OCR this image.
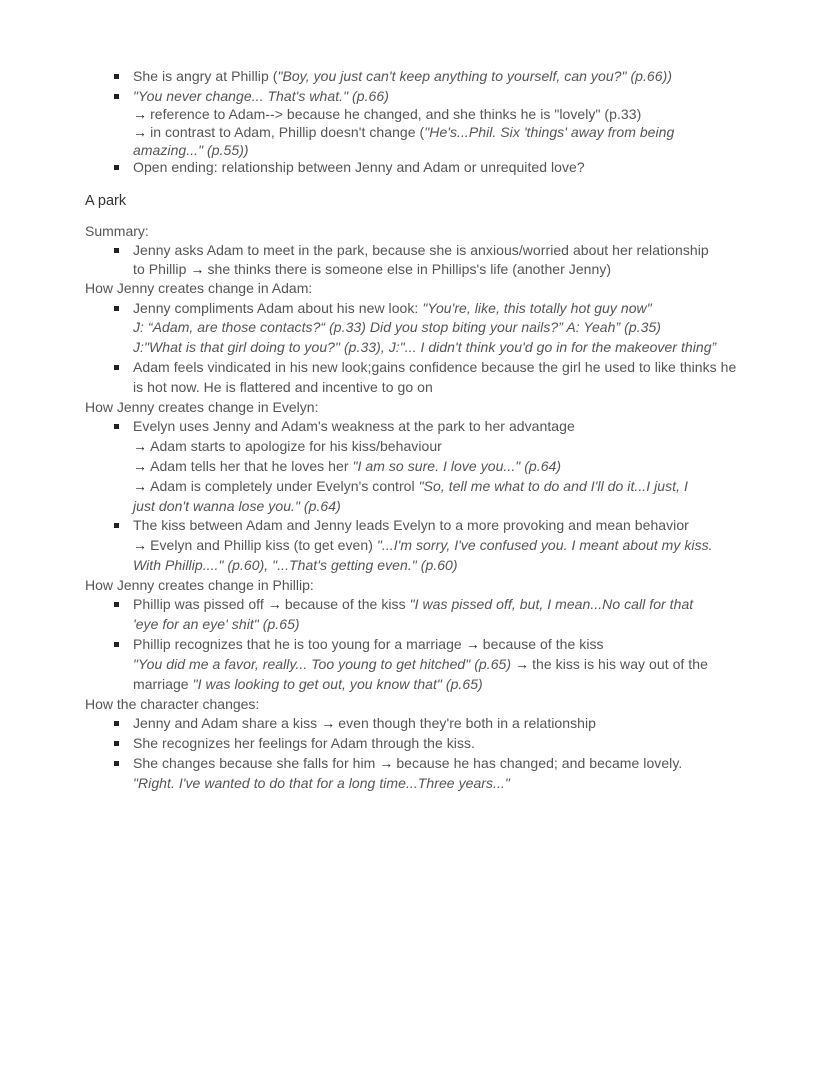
She is angry at Phillip ("Boy, you just can't keep anything to yourself, can you?" (p.66))
"You never change... That's what." (p.66)
→ reference to Adam--> because he changed, and she thinks he is "lovely" (p.33)
→ in contrast to Adam, Phillip doesn't change ("He's...Phil. Six 'things' away from being
amazing..." (p.55))
Open ending: relationship between Jenny and Adam or unrequited love?
A park
Summary:
Jenny asks Adam to meet in the park, because she is anxious/worried about her relationship
to Phillip → she thinks there is someone else in Phillips's life (another Jenny)
How Jenny creates change in Adam:
Jenny compliments Adam about his new look: "You're, like, this totally hot guy now"
J: “Adam, are those contacts?“ (p.33) Did you stop biting your nails?” A: Yeah” (p.35)
J:"What is that girl doing to you?" (p.33), J:"... I didn't think you'd go in for the makeover thing”
Adam feels vindicated in his new look;gains confidence because the girl he used to like thinks he
is hot now. He is flattered and incentive to go on
How Jenny creates change in Evelyn:
Evelyn uses Jenny and Adam's weakness at the park to her advantage
→ Adam starts to apologize for his kiss/behaviour
→ Adam tells her that he loves her "I am so sure. I love you..." (p.64)
→ Adam is completely under Evelyn's control "So, tell me what to do and I'll do it...I just, I
just don't wanna lose you." (p.64)
The kiss between Adam and Jenny leads Evelyn to a more provoking and mean behavior
→ Evelyn and Phillip kiss (to get even) "...I'm sorry, I've confused you. I meant about my kiss.
With Phillip...." (p.60), "...That's getting even." (p.60)
How Jenny creates change in Phillip:
Phillip was pissed off → because of the kiss "I was pissed off, but, I mean...No call for that
'eye for an eye' shit" (p.65)
Phillip recognizes that he is too young for a marriage → because of the kiss
"You did me a favor, really... Too young to get hitched" (p.65) → the kiss is his way out of the
marriage "I was looking to get out, you know that" (p.65)
How the character changes:
Jenny and Adam share a kiss → even though they're both in a relationship
She recognizes her feelings for Adam through the kiss.
She changes because she falls for him → because he has changed; and became lovely.
"Right. I've wanted to do that for a long time...Three years..."
